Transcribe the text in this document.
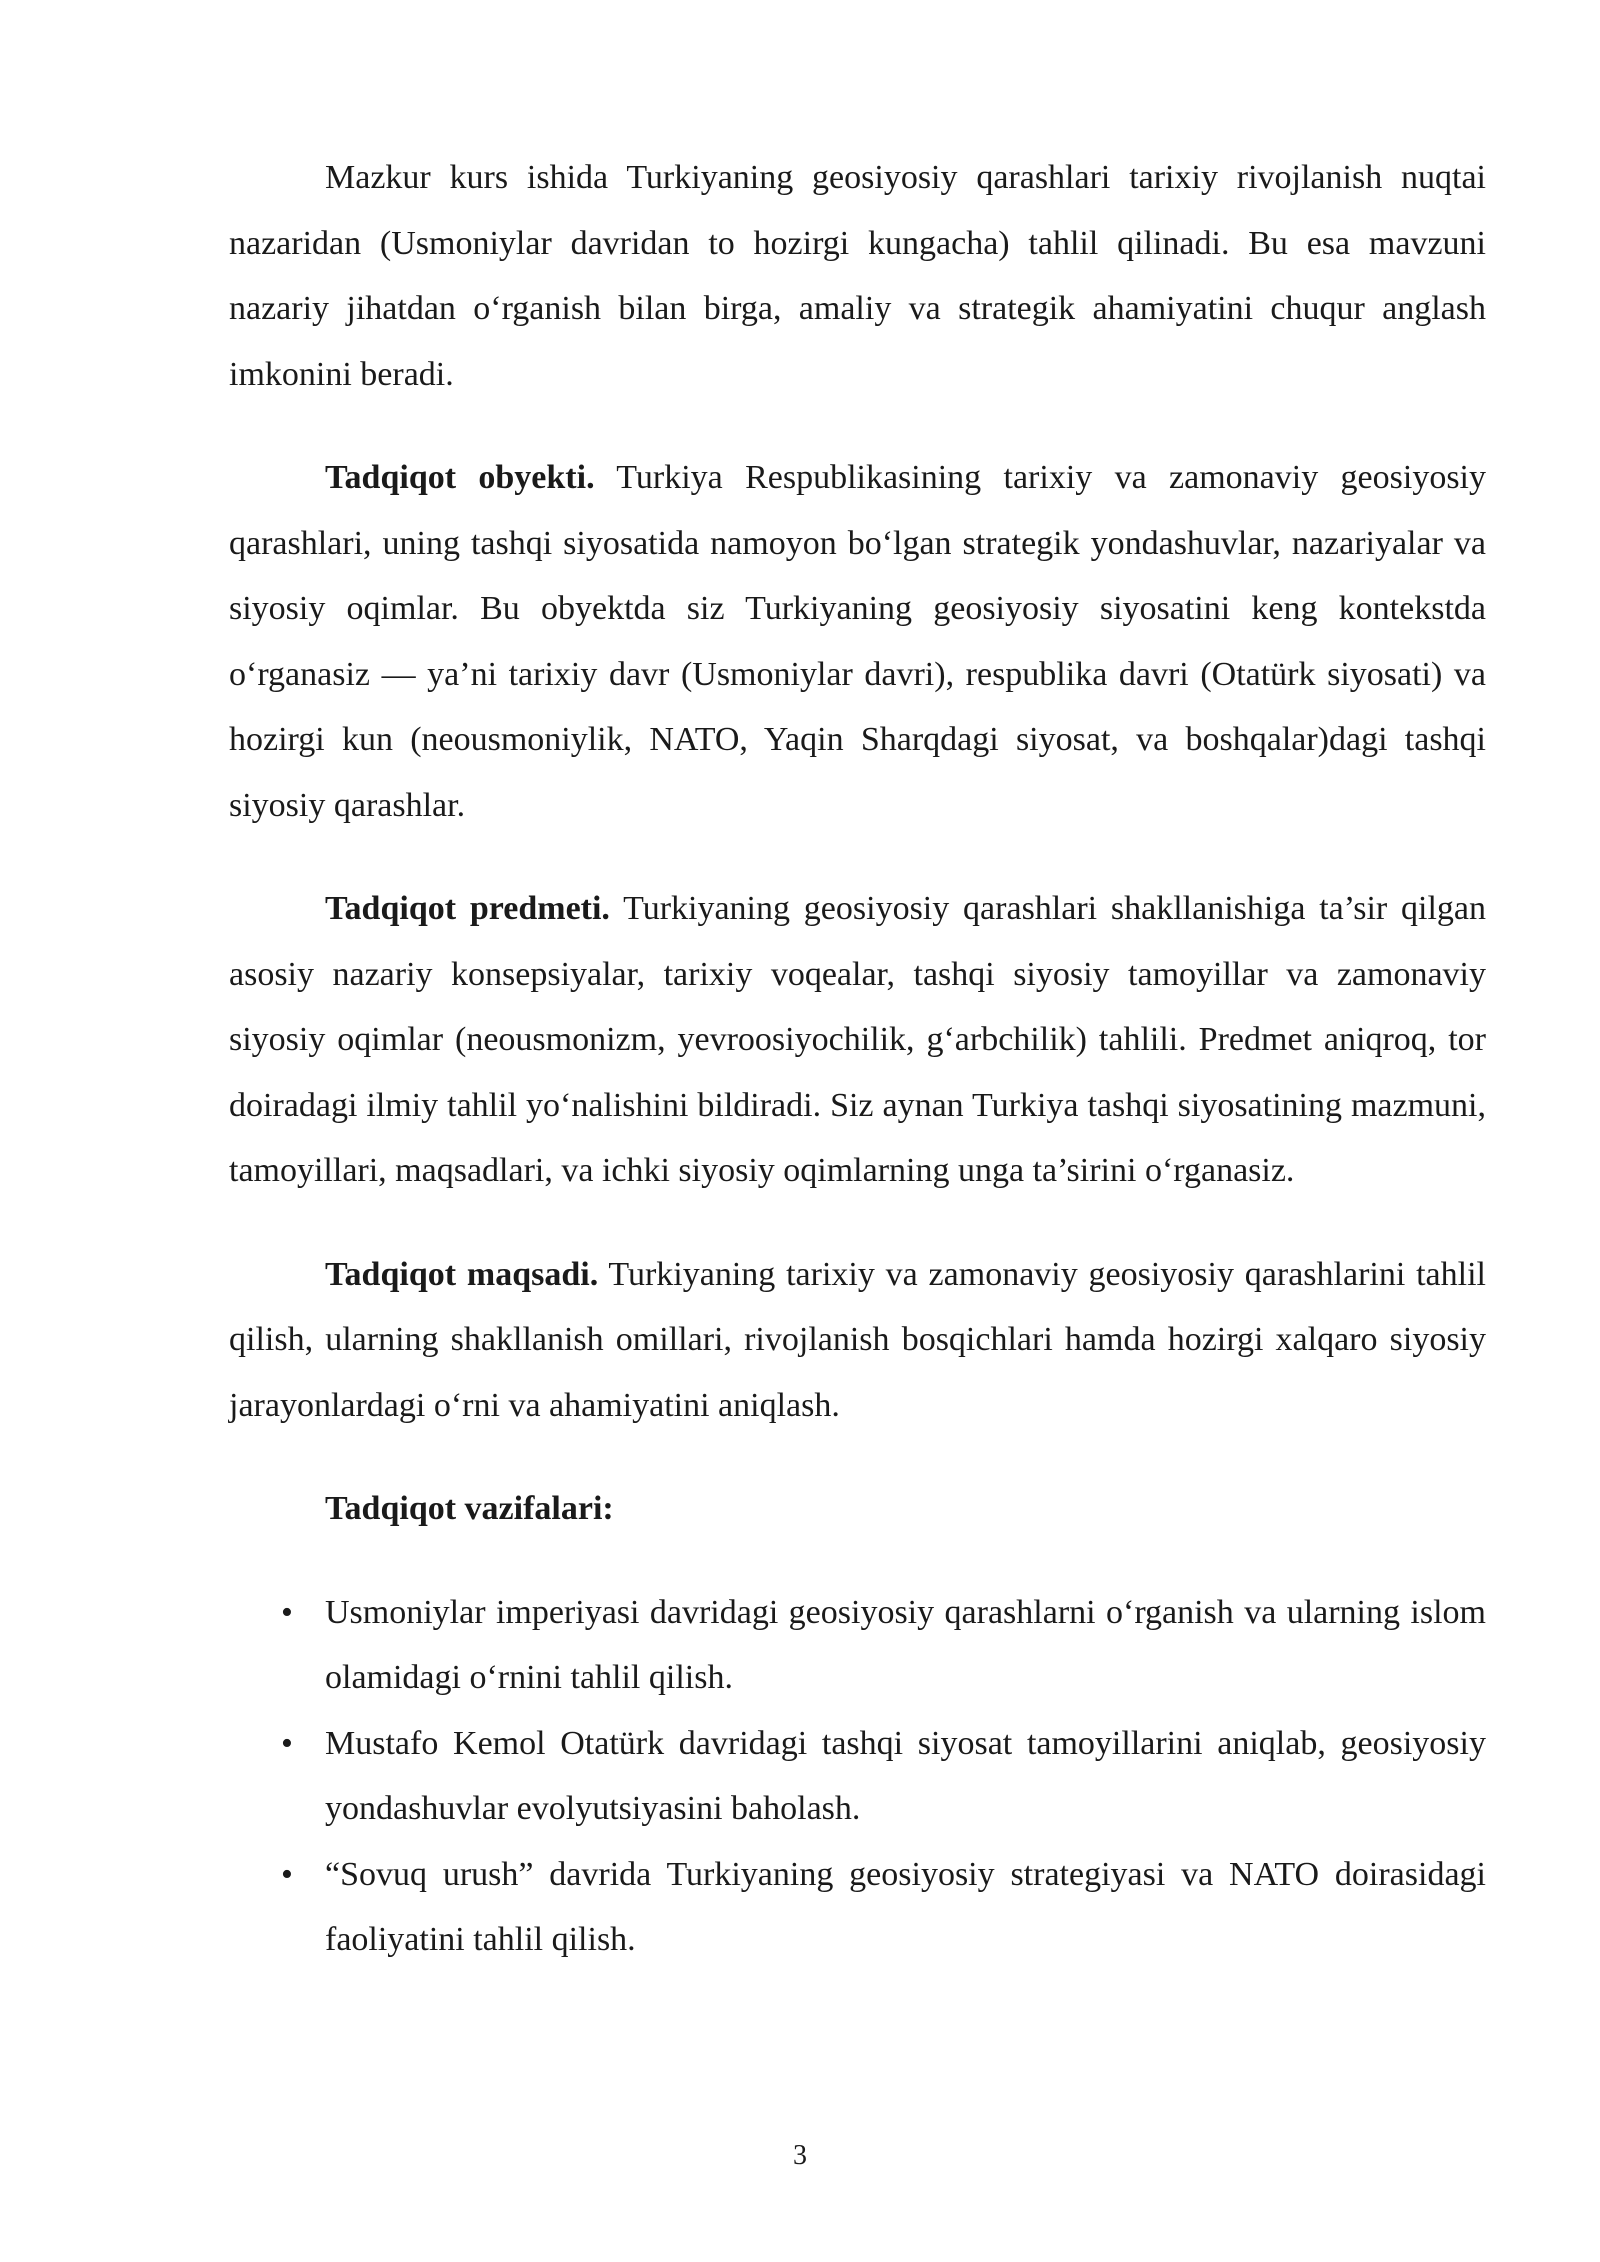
Mazkur kurs ishida Turkiyaning geosiyosiy qarashlari tarixiy rivojlanish nuqtai nazaridan (Usmoniylar davridan to hozirgi kungacha) tahlil qilinadi. Bu esa mavzuni nazariy jihatdan o‘rganish bilan birga, amaliy va strategik ahamiyatini chuqur anglash imkonini beradi.

Tadqiqot obyekti. Turkiya Respublikasining tarixiy va zamonaviy geosiyosiy qarashlari, uning tashqi siyosatida namoyon bo‘lgan strategik yondashuvlar, nazariyalar va siyosiy oqimlar. Bu obyektda siz Turkiyaning geosiyosiy siyosatini keng kontekstda o‘rganasiz — ya’ni tarixiy davr (Usmoniylar davri), respublika davri (Otatürk siyosati) va hozirgi kun (neousmoniylik, NATO, Yaqin Sharqdagi siyosat, va boshqalar)dagi tashqi siyosiy qarashlar.

Tadqiqot predmeti. Turkiyaning geosiyosiy qarashlari shakllanishiga ta’sir qilgan asosiy nazariy konsepsiyalar, tarixiy voqealar, tashqi siyosiy tamoyillar va zamonaviy siyosiy oqimlar (neousmonizm, yevroosiyochilik, g‘arbchilik) tahlili. Predmet aniqroq, tor doiradagi ilmiy tahlil yo‘nalishini bildiradi. Siz aynan Turkiya tashqi siyosatining mazmuni, tamoyillari, maqsadlari, va ichki siyosiy oqimlarning unga ta’sirini o‘rganasiz.

Tadqiqot maqsadi. Turkiyaning tarixiy va zamonaviy geosiyosiy qarashlarini tahlil qilish, ularning shakllanish omillari, rivojlanish bosqichlari hamda hozirgi xalqaro siyosiy jarayonlardagi o‘rni va ahamiyatini aniqlash.

Tadqiqot vazifalari:

• Usmoniylar imperiyasi davridagi geosiyosiy qarashlarni o‘rganish va ularning islom olamidagi o‘rnini tahlil qilish.
• Mustafo Kemol Otatürk davridagi tashqi siyosat tamoyillarini aniqlab, geosiyosiy yondashuvlar evolyutsiyasini baholash.
• “Sovuq urush” davrida Turkiyaning geosiyosiy strategiyasi va NATO doirasidagi faoliyatini tahlil qilish.
3
